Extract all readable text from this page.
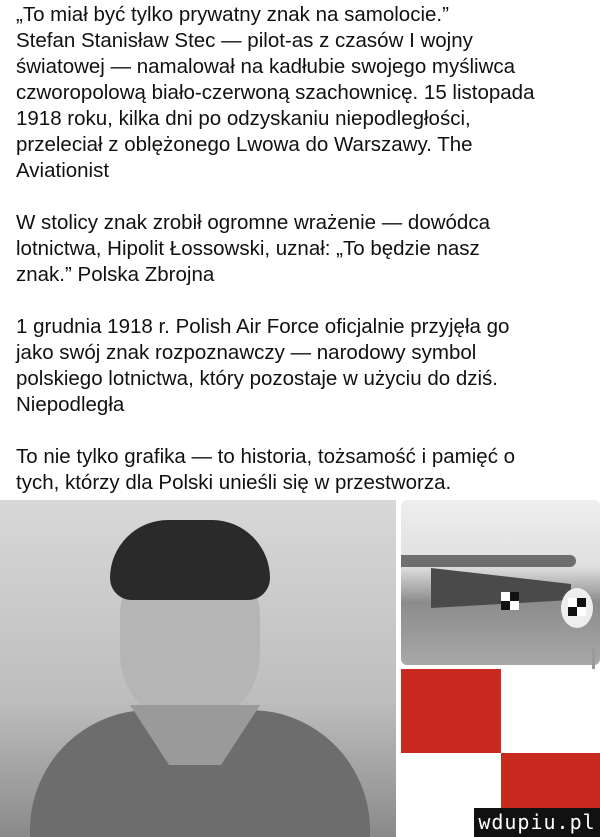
„To miał być tylko prywatny znak na samolocie.”
Stefan Stanisław Stec — pilot-as z czasów I wojny
światowej — namalował na kadłubie swojego myśliwca
czworopolową biało-czerwoną szachownicę. 15 listopada
1918 roku, kilka dni po odzyskaniu niepodległości,
przeleciał z oblężonego Lwowa do Warszawy. The
Aviationist

W stolicy znak zrobił ogromne wrażenie — dowódca
lotnictwa, Hipolit Łossowski, uznał: „To będzie nasz
znak.” Polska Zbrojna

1 grudnia 1918 r. Polish Air Force oficjalnie przyjęła go
jako swój znak rozpoznawczy — narodowy symbol
polskiego lotnictwa, który pozostaje w użyciu do dziś.
Niepodległa

To nie tylko grafika — to historia, tożsamość i pamięć o
tych, którzy dla Polski unieśli się w przestworza.

wdupiu.pl
